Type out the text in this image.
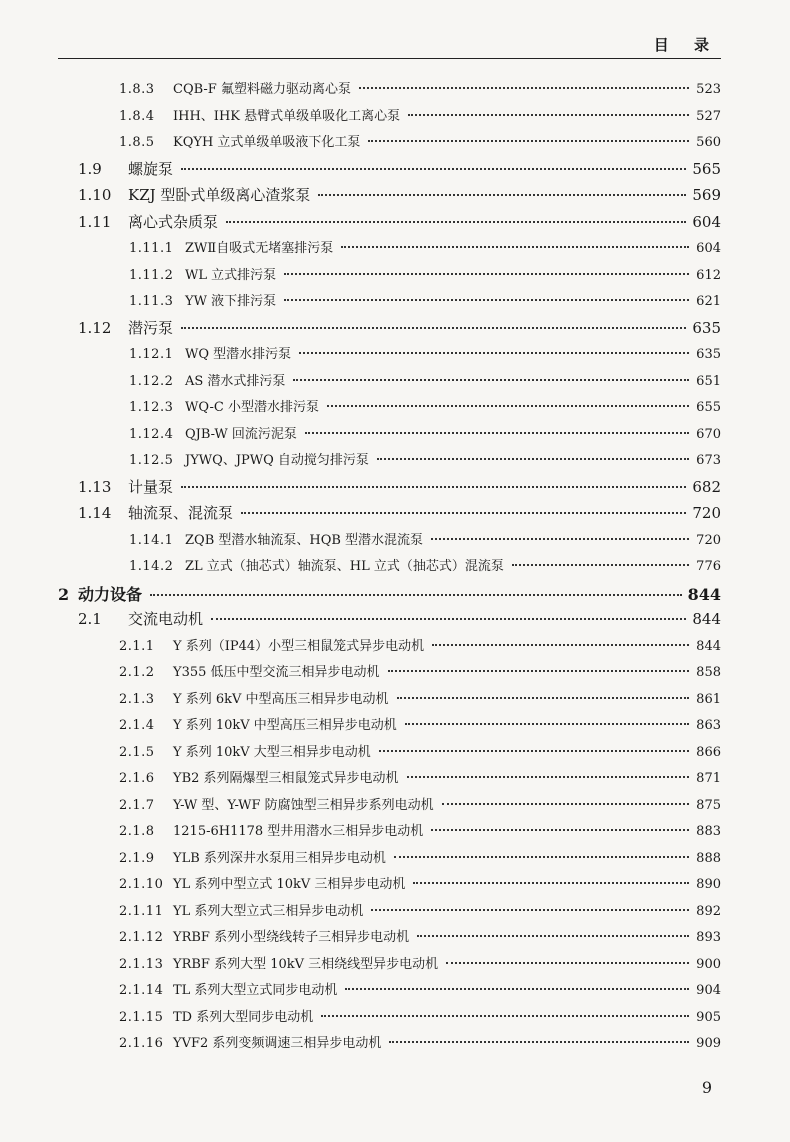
目 录
1.8.3	CQB-F 氟塑料磁力驱动离心泵	523
1.8.4	IHH、IHK 悬臂式单级单吸化工离心泵	527
1.8.5	KQYH 立式单级单吸液下化工泵	560
1.9	螺旋泵	565
1.10	KZJ 型卧式单级离心渣浆泵	569
1.11	离心式杂质泵	604
1.11.1 ZWⅡ自吸式无堵塞排污泵	604
1.11.2 WL 立式排污泵	612
1.11.3 YW 液下排污泵	621
1.12	潜污泵	635
1.12.1 WQ 型潜水排污泵	635
1.12.2 AS 潜水式排污泵	651
1.12.3 WQ-C 小型潜水排污泵	655
1.12.4 QJB-W 回流污泥泵	670
1.12.5 JYWQ、JPWQ 自动搅匀排污泵	673
1.13	计量泵	682
1.14	轴流泵、混流泵	720
1.14.1 ZQB 型潜水轴流泵、HQB 型潜水混流泵	720
1.14.2 ZL 立式（抽芯式）轴流泵、HL 立式（抽芯式）混流泵	776
2 动力设备	844
2.1	交流电动机	844
2.1.1	Y 系列（IP44）小型三相鼠笼式异步电动机	844
2.1.2	Y355 低压中型交流三相异步电动机	858
2.1.3	Y 系列 6kV 中型高压三相异步电动机	861
2.1.4	Y 系列 10kV 中型高压三相异步电动机	863
2.1.5	Y 系列 10kV 大型三相异步电动机	866
2.1.6	YB2 系列隔爆型三相鼠笼式异步电动机	871
2.1.7	Y-W 型、Y-WF 防腐蚀型三相异步系列电动机	875
2.1.8	1215-6H1178 型井用潜水三相异步电动机	883
2.1.9	YLB 系列深井水泵用三相异步电动机	888
2.1.10 YL 系列中型立式 10kV 三相异步电动机	890
2.1.11 YL 系列大型立式三相异步电动机	892
2.1.12 YRBF 系列小型绕线转子三相异步电动机	893
2.1.13 YRBF 系列大型 10kV 三相绕线型异步电动机	900
2.1.14 TL 系列大型立式同步电动机	904
2.1.15 TD 系列大型同步电动机	905
2.1.16 YVF2 系列变频调速三相异步电动机	909
9
